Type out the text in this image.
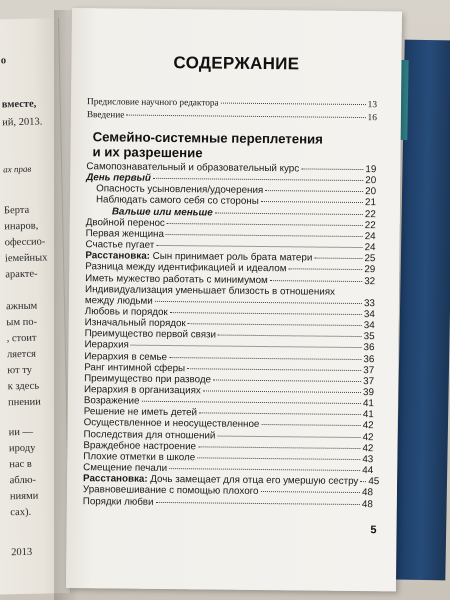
о
вместе,
ий, 2013.
ах прав
Берта
инаров,
офессио-
іемейных
аракте-
ажным
ым по-
, стоит
ляется
ют ту
к здесь
пнении
ии —
ироду
нас в
аблю-
ниями
сах).
2013
СОДЕРЖАНИЕ
Предисловие научного редактора	13
Введение	16
Семейно-системные переплетения
и их разрешение
Самопознавательный и образовательный курс	19
День первый	20
Опасность усыновления/удочерения	20
Наблюдать самого себя со стороны	21
Вальше или меньше	22
Двойной перенос	22
Первая женщина	24
Счастье пугает	24
Расстановка: Сын принимает роль брата матери	25
Разница между идентификацией и идеалом	29
Иметь мужество работать с минимумом	32
Индивидуализация уменьшает близость в отношениях
между людьми	33
Любовь и порядок	34
Изначальный порядок	34
Преимущество первой связи	35
Иерархия	36
Иерархия в семье	36
Ранг интимной сферы	37
Преимущество при разводе	37
Иерархия в организациях	39
Возражение	41
Решение не иметь детей	41
Осуществленное и неосуществленное	42
Последствия для отношений	42
Враждебное настроение	42
Плохие отметки в школе	43
Смещение печали	44
Расстановка: Дочь замещает для отца его умершую сестру 45
Уравновешивание с помощью плохого	48
Порядки любви	48
5
